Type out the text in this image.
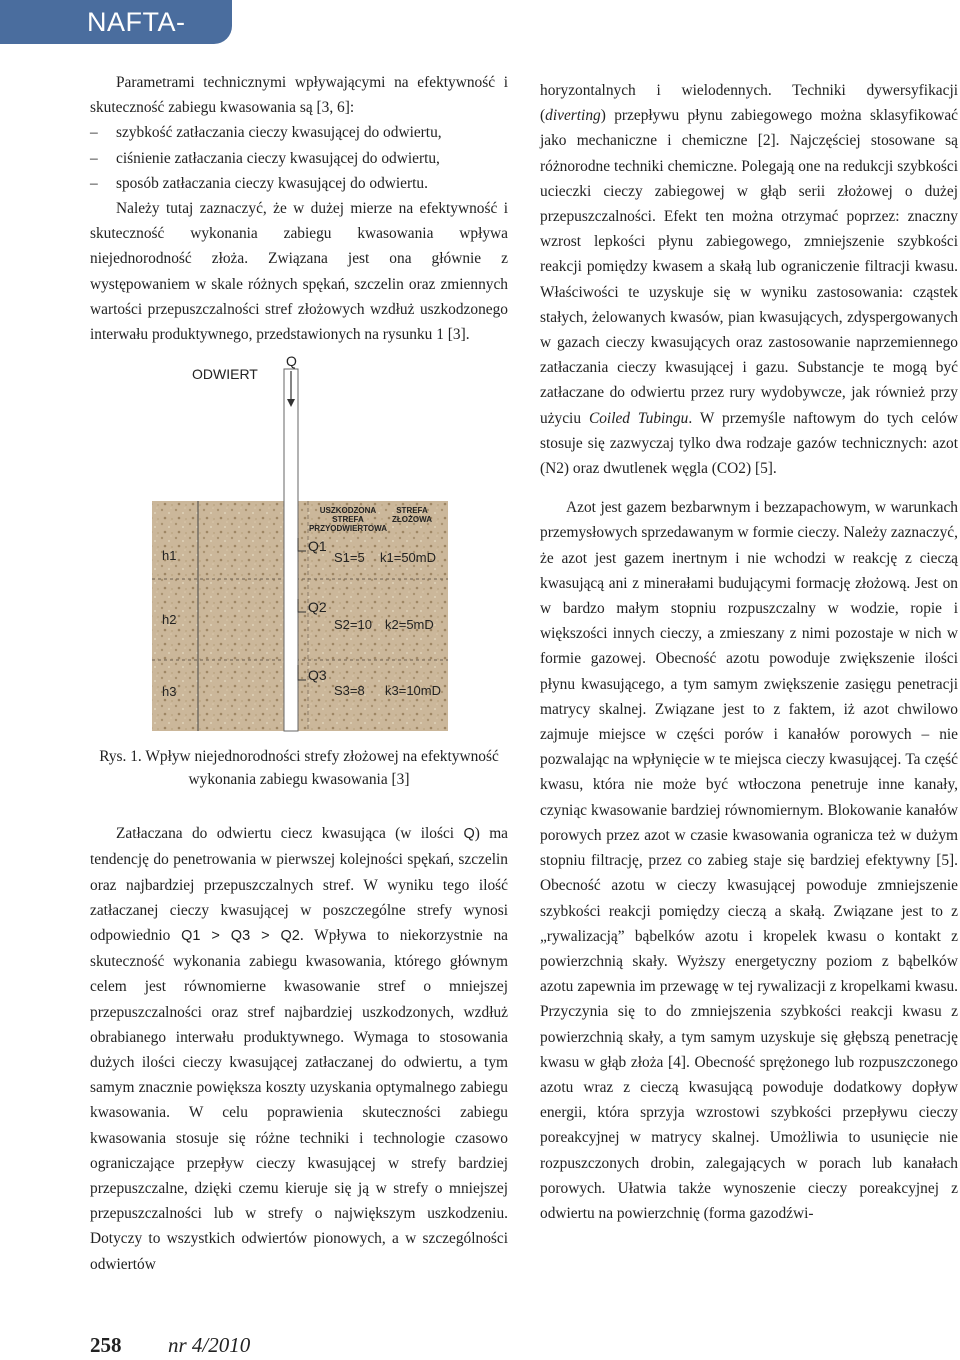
NAFTA-GAZ

Parametrami technicznymi wpływającymi na efektywność i skuteczność zabiegu kwasowania są [3, 6]:

– szybkość zatłaczania cieczy kwasującej do odwiertu,
– ciśnienie zatłaczania cieczy kwasującej do odwiertu,
– sposób zatłaczania cieczy kwasującej do odwiertu.

Należy tutaj zaznaczyć, że w dużej mierze na efektywność i skuteczność wykonania zabiegu kwasowania wpływa niejednorodność złoża. Związana jest ona głównie z występowaniem w skale różnych spękań, szczelin oraz zmiennych wartości przepuszczalności stref złożowych wzdłuż uszkodzonego interwału produktywnego, przedstawionych na rysunku 1 [3].

ODWIERT
Q
USZKODZONA
STREFA
PRZYODWIERTOWA
STREFA
ZŁOŻOWA
h1
Q1
S1=5 k1=50mD
h2
Q2
S2=10 k2=5mD
h3
Q3
S3=8 k3=10mD

Rys. 1. Wpływ niejednorodności strefy złożowej na efektywność wykonania zabiegu kwasowania [3]

Zatłaczana do odwiertu ciecz kwasująca (w ilości Q) ma tendencję do penetrowania w pierwszej kolejności spękań, szczelin oraz najbardziej przepuszczalnych stref. W wyniku tego ilość zatłaczanej cieczy kwasującej w poszczególne strefy wynosi odpowiednio Q1 > Q3 > Q2. Wpływa to niekorzystnie na skuteczność wykonania zabiegu kwasowania, którego głównym celem jest równomierne kwasowanie stref o mniejszej przepuszczalności oraz stref najbardziej uszkodzonych, wzdłuż obrabianego interwału produktywnego. Wymaga to stosowania dużych ilości cieczy kwasującej zatłaczanej do odwiertu, a tym samym znacznie powiększa koszty uzyskania optymalnego zabiegu kwasowania. W celu poprawienia skuteczności zabiegu kwasowania stosuje się różne techniki i technologie czasowo ograniczające przepływ cieczy kwasującej w strefy bardziej przepuszczalne, dzięki czemu kieruje się ją w strefy o mniejszej przepuszczalności lub w strefy o największym uszkodzeniu. Dotyczy to wszystkich odwiertów pionowych, a w szczególności odwiertów

horyzontalnych i wielodennych. Techniki dywersyfikacji (diverting) przepływu płynu zabiegowego można sklasyfikować jako mechaniczne i chemiczne [2]. Najczęściej stosowane są różnorodne techniki chemiczne. Polegają one na redukcji szybkości ucieczki cieczy zabiegowej w głąb serii złożowej o dużej przepuszczalności. Efekt ten można otrzymać poprzez: znaczny wzrost lepkości płynu zabiegowego, zmniejszenie szybkości reakcji pomiędzy kwasem a skałą lub ograniczenie filtracji kwasu. Właściwości te uzyskuje się w wyniku zastosowania: cząstek stałych, żelowanych kwasów, pian kwasujących, zdyspergowanych w gazach cieczy kwasujących oraz zastosowanie naprzemiennego zatłaczania cieczy kwasującej i gazu. Substancje te mogą być zatłaczane do odwiertu przez rury wydobywcze, jak również przy użyciu Coiled Tubingu. W przemyśle naftowym do tych celów stosuje się zazwyczaj tylko dwa rodzaje gazów technicznych: azot (N2) oraz dwutlenek węgla (CO2) [5].

Azot jest gazem bezbarwnym i bezzapachowym, w warunkach przemysłowych sprzedawanym w formie cieczy. Należy zaznaczyć, że azot jest gazem inertnym i nie wchodzi w reakcję z cieczą kwasującą ani z minerałami budującymi formację złożową. Jest on w bardzo małym stopniu rozpuszczalny w wodzie, ropie i większości innych cieczy, a zmieszany z nimi pozostaje w nich w formie gazowej. Obecność azotu powoduje zwiększenie ilości płynu kwasującego, a tym samym zwiększenie zasięgu penetracji matrycy skalnej. Związane jest to z faktem, iż azot chwilowo zajmuje miejsce w części porów i kanałów porowych – nie pozwalając na wpłynięcie w te miejsca cieczy kwasującej. Ta część kwasu, która nie może być wtłoczona penetruje inne kanały, czyniąc kwasowanie bardziej równomiernym. Blokowanie kanałów porowych przez azot w czasie kwasowania ogranicza też w dużym stopniu filtrację, przez co zabieg staje się bardziej efektywny [5]. Obecność azotu w cieczy kwasującej powoduje zmniejszenie szybkości reakcji pomiędzy cieczą a skałą. Związane jest to z „rywalizacją” bąbelków azotu i kropelek kwasu o kontakt z powierzchnią skały. Wyższy energetyczny poziom z bąbelków azotu zapewnia im przewagę w tej rywalizacji z kropelkami kwasu. Przyczynia się to do zmniejszenia szybkości reakcji kwasu z powierzchnią skały, a tym samym uzyskuje się głębszą penetrację kwasu w głąb złoża [4]. Obecność sprężonego lub rozpuszczonego azotu wraz z cieczą kwasującą powoduje dodatkowy dopływ energii, która sprzyja wzrostowi szybkości przepływu cieczy poreakcyjnej w matrycy skalnej. Umożliwia to usunięcie nie rozpuszczonych drobin, zalegających w porach lub kanałach porowych. Ułatwia także wynoszenie cieczy poreakcyjnej z odwiertu na powierzchnię (forma gazodźwi-

258 nr 4/2010
